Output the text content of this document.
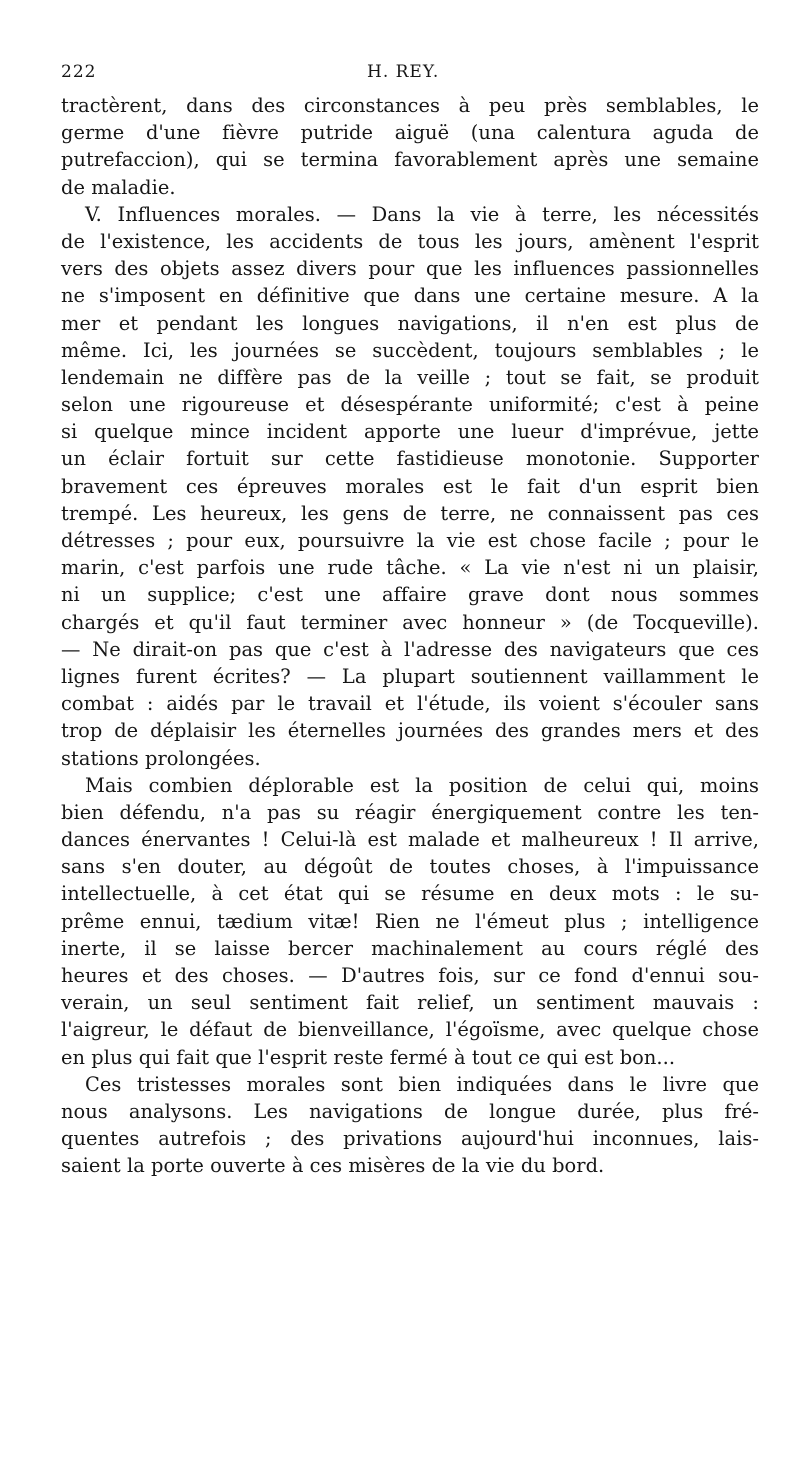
222	H. REY.

tractèrent, dans des circonstances à peu près semblables, le
germe d'une fièvre putride aiguë (una calentura aguda de
putrefaccion), qui se termina favorablement après une semaine
de maladie.

V. Influences morales. — Dans la vie à terre, les nécessités
de l'existence, les accidents de tous les jours, amènent l'esprit
vers des objets assez divers pour que les influences passionnelles
ne s'imposent en définitive que dans une certaine mesure. A la
mer et pendant les longues navigations, il n'en est plus de
même. Ici, les journées se succèdent, toujours semblables ; le
lendemain ne diffère pas de la veille ; tout se fait, se produit
selon une rigoureuse et désespérante uniformité; c'est à peine
si quelque mince incident apporte une lueur d'imprévue, jette
un éclair fortuit sur cette fastidieuse monotonie. Supporter
bravement ces épreuves morales est le fait d'un esprit bien
trempé. Les heureux, les gens de terre, ne connaissent pas ces
détresses ; pour eux, poursuivre la vie est chose facile ; pour le
marin, c'est parfois une rude tâche. « La vie n'est ni un plaisir,
ni un supplice; c'est une affaire grave dont nous sommes
chargés et qu'il faut terminer avec honneur » (de Tocqueville).
— Ne dirait-on pas que c'est à l'adresse des navigateurs que ces
lignes furent écrites? — La plupart soutiennent vaillamment le
combat : aidés par le travail et l'étude, ils voient s'écouler sans
trop de déplaisir les éternelles journées des grandes mers et des
stations prolongées.

Mais combien déplorable est la position de celui qui, moins
bien défendu, n'a pas su réagir énergiquement contre les ten-
dances énervantes ! Celui-là est malade et malheureux ! Il arrive,
sans s'en douter, au dégoût de toutes choses, à l'impuissance
intellectuelle, à cet état qui se résume en deux mots : le su-
prême ennui, tædium vitæ! Rien ne l'émeut plus ; intelligence
inerte, il se laisse bercer machinalement au cours réglé des
heures et des choses. — D'autres fois, sur ce fond d'ennui sou-
verain, un seul sentiment fait relief, un sentiment mauvais :
l'aigreur, le défaut de bienveillance, l'égoïsme, avec quelque chose
en plus qui fait que l'esprit reste fermé à tout ce qui est bon...

Ces tristesses morales sont bien indiquées dans le livre que
nous analysons. Les navigations de longue durée, plus fré-
quentes autrefois ; des privations aujourd'hui inconnues, lais-
saient la porte ouverte à ces misères de la vie du bord.
